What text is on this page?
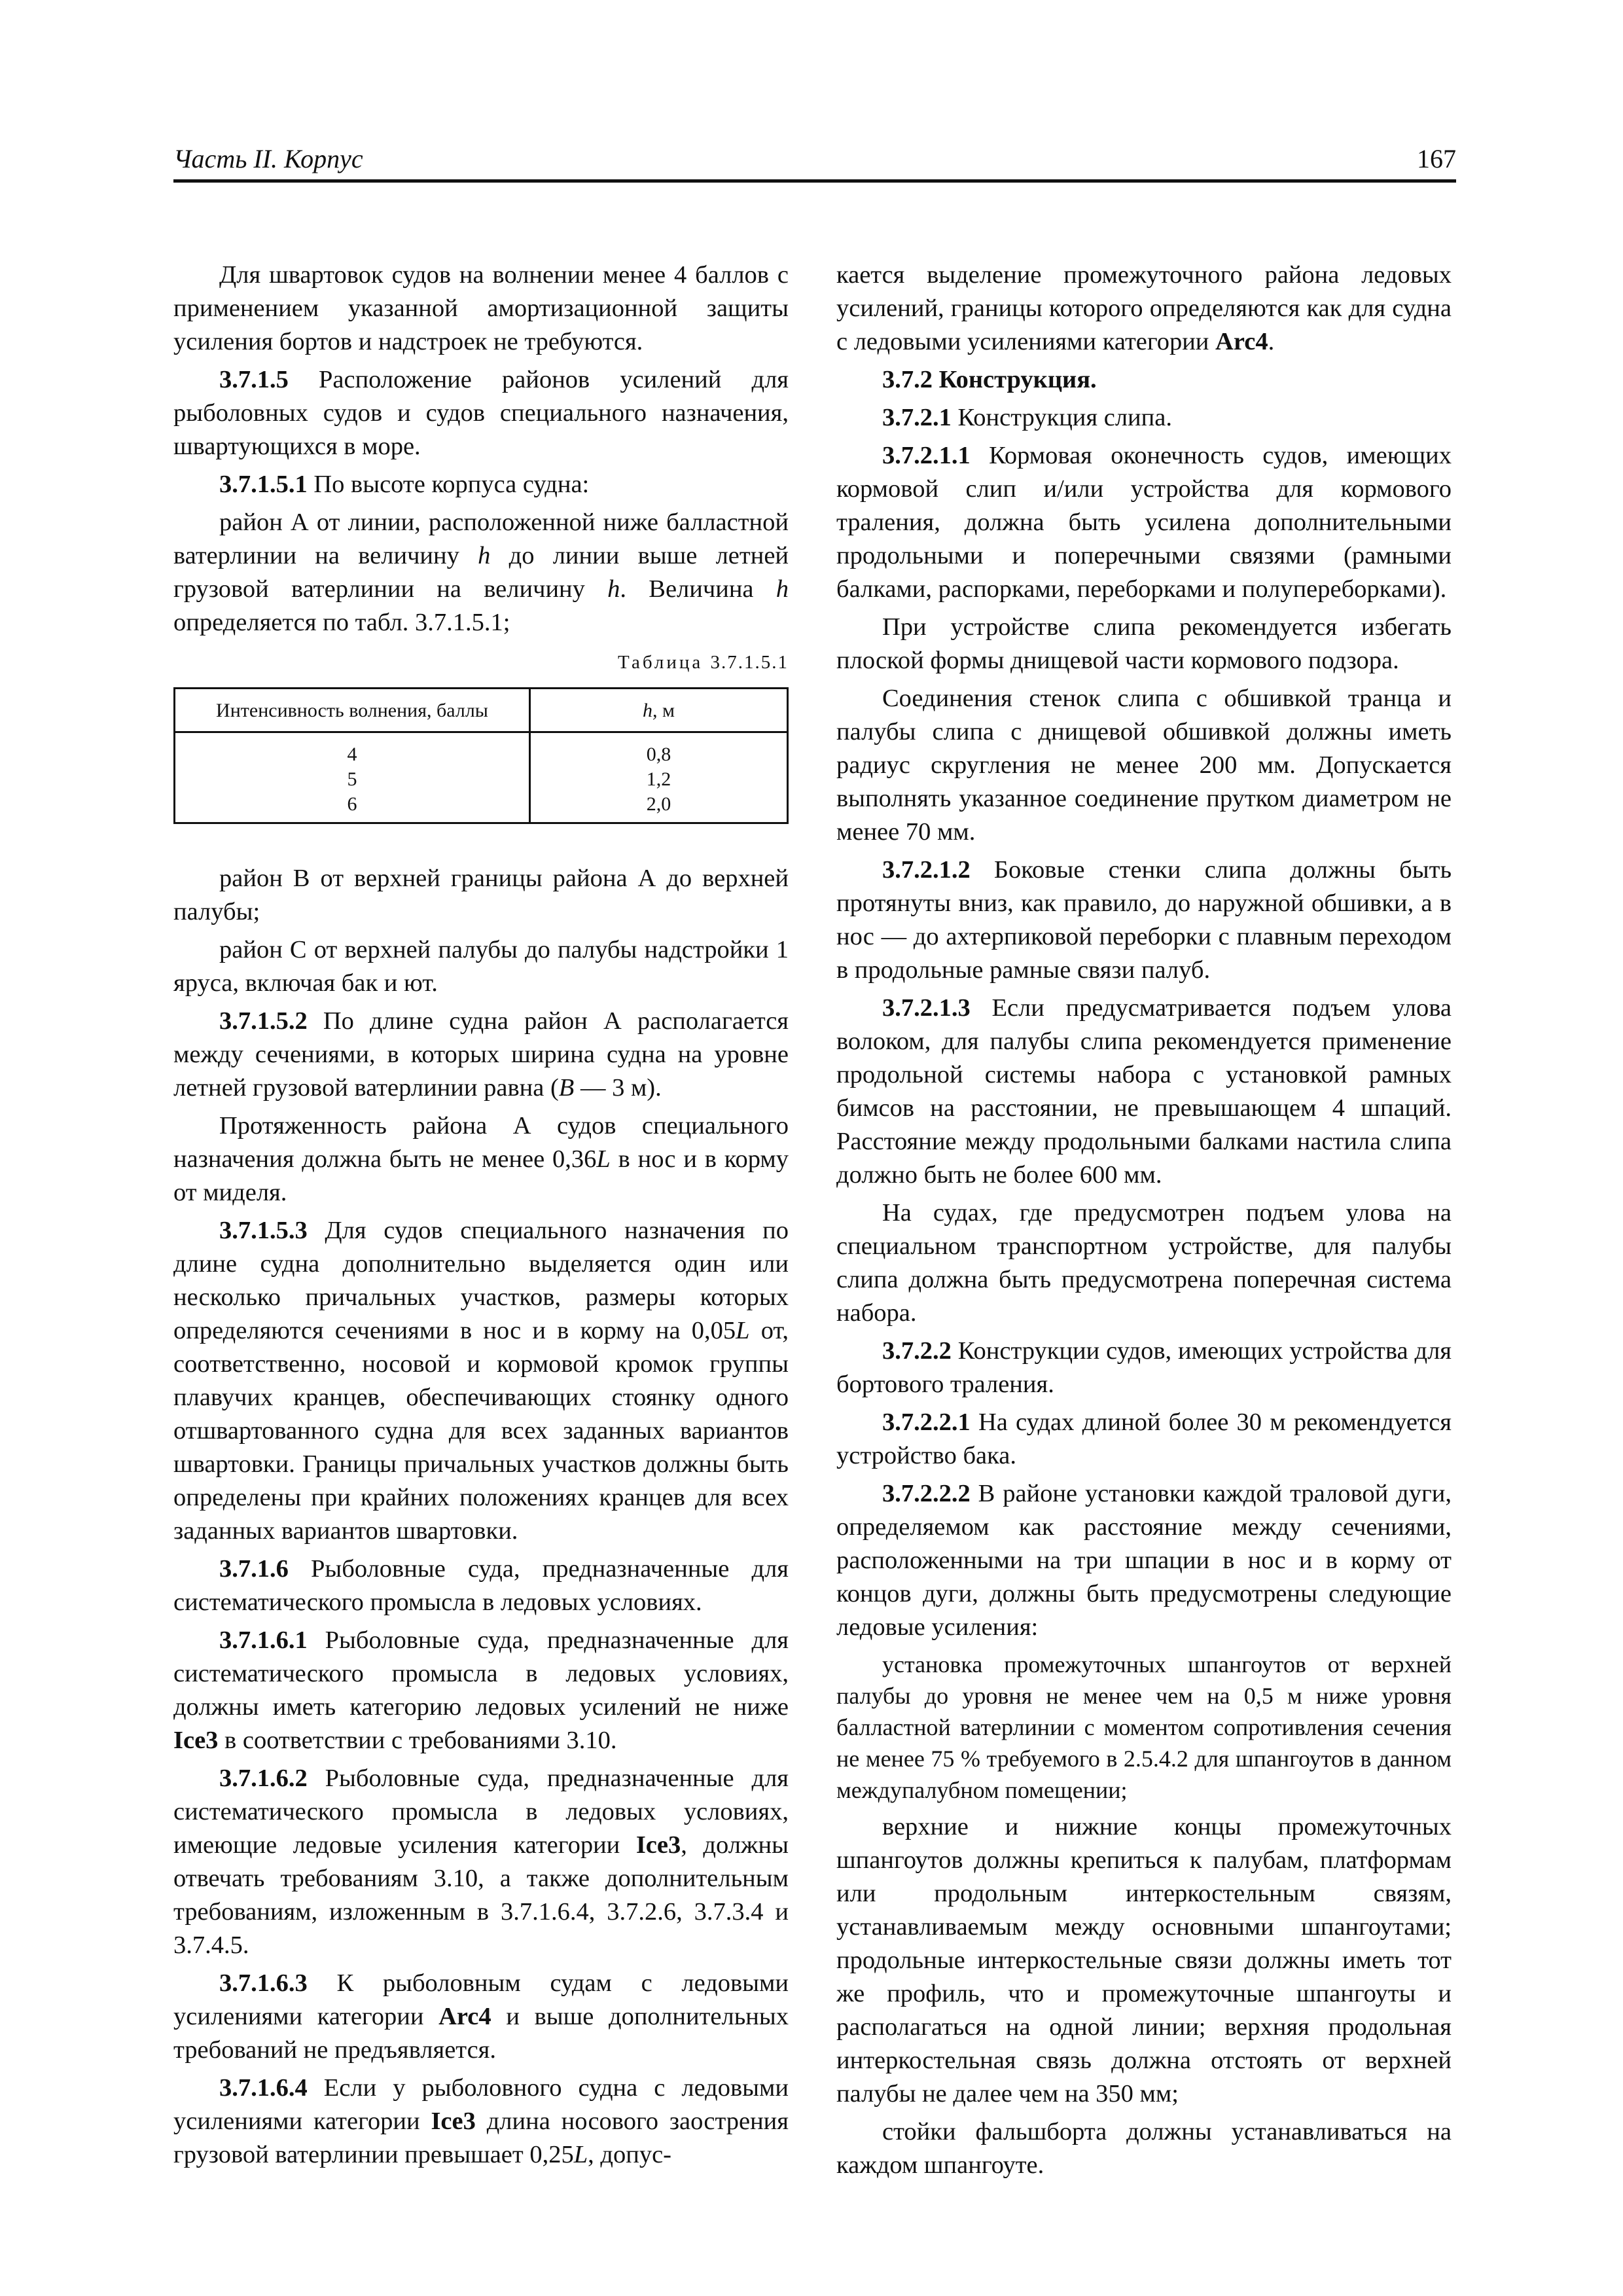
Часть II. Корпус	167

Для швартовок судов на волнении менее 4 баллов с применением указанной амортизационной защиты усиления бортов и надстроек не требуются.

3.7.1.5 Расположение районов усилений для рыболовных судов и судов специального назначения, швартующихся в море.

3.7.1.5.1 По высоте корпуса судна:

район А от линии, расположенной ниже балластной ватерлинии на величину h до линии выше летней грузовой ватерлинии на величину h. Величина h определяется по табл. 3.7.1.5.1;

Таблица 3.7.1.5.1
Интенсивность волнения, баллы	h, м
4	0,8
5	1,2
6	2,0

район В от верхней границы района А до верхней палубы;

район С от верхней палубы до палубы надстройки 1 яруса, включая бак и ют.

3.7.1.5.2 По длине судна район А располагается между сечениями, в которых ширина судна на уровне летней грузовой ватерлинии равна (B — 3 м).

Протяженность района А судов специального назначения должна быть не менее 0,36L в нос и в корму от миделя.

3.7.1.5.3 Для судов специального назначения по длине судна дополнительно выделяется один или несколько причальных участков, размеры которых определяются сечениями в нос и в корму на 0,05L от, соответственно, носовой и кормовой кромок группы плавучих кранцев, обеспечивающих стоянку одного отшвартованного судна для всех заданных вариантов швартовки. Границы причальных участков должны быть определены при крайних положениях кранцев для всех заданных вариантов швартовки.

3.7.1.6 Рыболовные суда, предназначенные для систематического промысла в ледовых условиях.

3.7.1.6.1 Рыболовные суда, предназначенные для систематического промысла в ледовых условиях, должны иметь категорию ледовых усилений не ниже Ice3 в соответствии с требованиями 3.10.

3.7.1.6.2 Рыболовные суда, предназначенные для систематического промысла в ледовых условиях, имеющие ледовые усиления категории Ice3, должны отвечать требованиям 3.10, а также дополнительным требованиям, изложенным в 3.7.1.6.4, 3.7.2.6, 3.7.3.4 и 3.7.4.5.

3.7.1.6.3 К рыболовным судам с ледовыми усилениями категории Arc4 и выше дополнительных требований не предъявляется.

3.7.1.6.4 Если у рыболовного судна с ледовыми усилениями категории Ice3 длина носового заострения грузовой ватерлинии превышает 0,25L, допус-

кается выделение промежуточного района ледовых усилений, границы которого определяются как для судна с ледовыми усилениями категории Arc4.

3.7.2 Конструкция.

3.7.2.1 Конструкция слипа.

3.7.2.1.1 Кормовая оконечность судов, имеющих кормовой слип и/или устройства для кормового траления, должна быть усилена дополнительными продольными и поперечными связями (рамными балками, распорками, переборками и полупереборками).

При устройстве слипа рекомендуется избегать плоской формы днищевой части кормового подзора.

Соединения стенок слипа с обшивкой транца и палубы слипа с днищевой обшивкой должны иметь радиус скругления не менее 200 мм. Допускается выполнять указанное соединение прутком диаметром не менее 70 мм.

3.7.2.1.2 Боковые стенки слипа должны быть протянуты вниз, как правило, до наружной обшивки, а в нос — до ахтерпиковой переборки с плавным переходом в продольные рамные связи палуб.

3.7.2.1.3 Если предусматривается подъем улова волоком, для палубы слипа рекомендуется применение продольной системы набора с установкой рамных бимсов на расстоянии, не превышающем 4 шпаций. Расстояние между продольными балками настила слипа должно быть не более 600 мм.

На судах, где предусмотрен подъем улова на специальном транспортном устройстве, для палубы слипа должна быть предусмотрена поперечная система набора.

3.7.2.2 Конструкции судов, имеющих устройства для бортового траления.

3.7.2.2.1 На судах длиной более 30 м рекомендуется устройство бака.

3.7.2.2.2 В районе установки каждой траловой дуги, определяемом как расстояние между сечениями, расположенными на три шпации в нос и в корму от концов дуги, должны быть предусмотрены следующие ледовые усиления:

установка промежуточных шпангоутов от верхней палубы до уровня не менее чем на 0,5 м ниже уровня балластной ватерлинии с моментом сопротивления сечения не менее 75 % требуемого в 2.5.4.2 для шпангоутов в данном междупалубном помещении;

верхние и нижние концы промежуточных шпангоутов должны крепиться к палубам, платформам или продольным интеркостельным связям, устанавливаемым между основными шпангоутами; продольные интеркостельные связи должны иметь тот же профиль, что и промежуточные шпангоуты и располагаться на одной линии; верхняя продольная интеркостельная связь должна отстоять от верхней палубы не далее чем на 350 мм;

стойки фальшборта должны устанавливаться на каждом шпангоуте.
